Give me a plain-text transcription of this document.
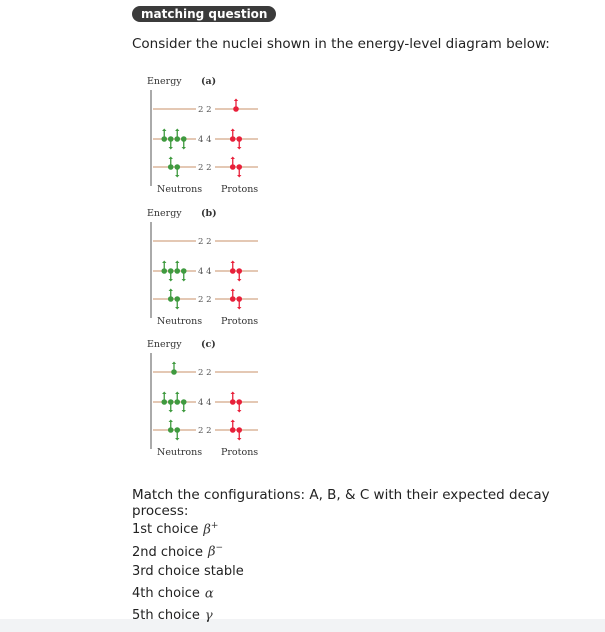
matching question
Consider the nuclei shown in the energy-level diagram below:
Energy (a)
2 2
4 4
2 2
Neutrons Protons
Energy (b)
2 2
4 4
2 2
Neutrons Protons
Energy (c)
2 2
4 4
2 2
Neutrons Protons
Match the configurations: A, B, & C with their expected decay process:
1st choice β+
2nd choice β−
3rd choice stable
4th choice α
5th choice γ
